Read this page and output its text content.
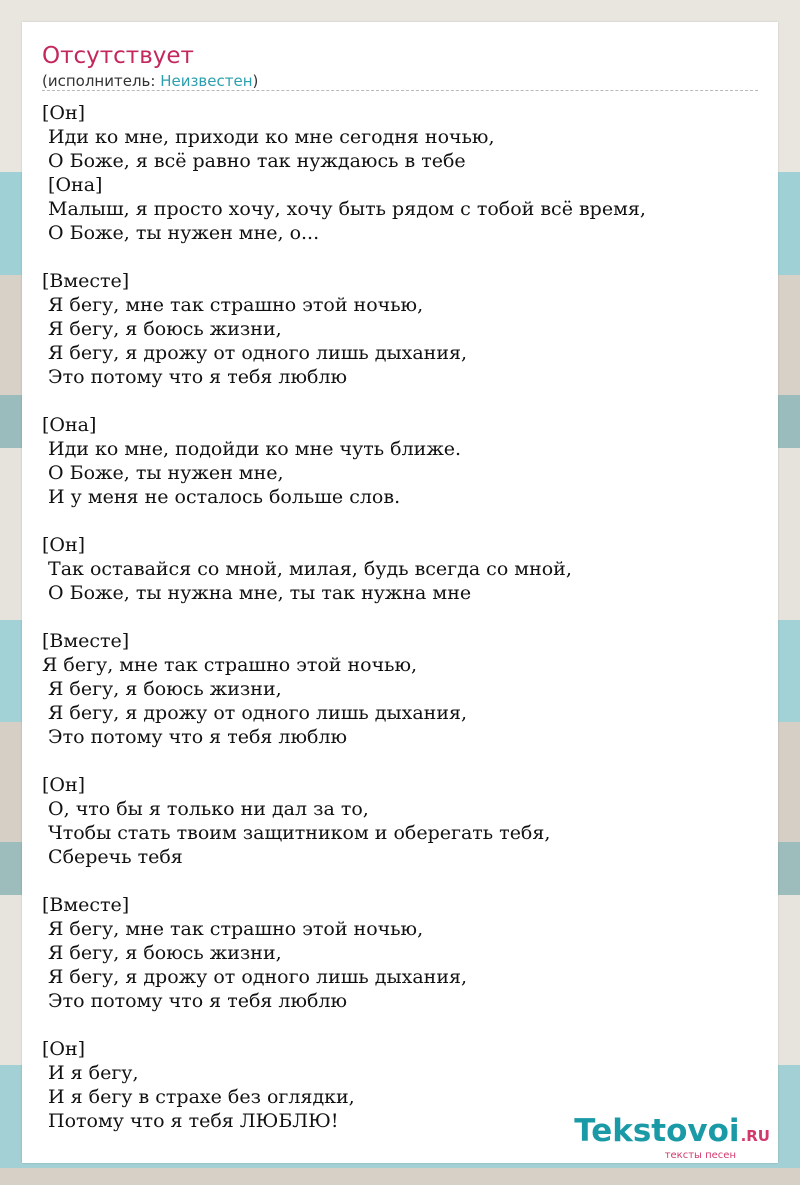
Отсутствует
(исполнитель: Неизвестен)
[Он]
Иди ко мне, приходи ко мне сегодня ночью,
О Боже, я всё равно так нуждаюсь в тебе
[Она]
Малыш, я просто хочу, хочу быть рядом с тобой всё время,
О Боже, ты нужен мне, о...

[Вместе]
Я бегу, мне так страшно этой ночью,
Я бегу, я боюсь жизни,
Я бегу, я дрожу от одного лишь дыхания,
Это потому что я тебя люблю

[Она]
Иди ко мне, подойди ко мне чуть ближе.
О Боже, ты нужен мне,
И у меня не осталось больше слов.

[Он]
Так оставайся со мной, милая, будь всегда со мной,
О Боже, ты нужна мне, ты так нужна мне

[Вместе]
Я бегу, мне так страшно этой ночью,
Я бегу, я боюсь жизни,
Я бегу, я дрожу от одного лишь дыхания,
Это потому что я тебя люблю

[Он]
О, что бы я только ни дал за то,
Чтобы стать твоим защитником и оберегать тебя,
Сберечь тебя

[Вместе]
Я бегу, мне так страшно этой ночью,
Я бегу, я боюсь жизни,
Я бегу, я дрожу от одного лишь дыхания,
Это потому что я тебя люблю

[Он]
И я бегу,
И я бегу в страхе без оглядки,
Потому что я тебя ЛЮБЛЮ!	Tekstovoi.RU
тексты песен
